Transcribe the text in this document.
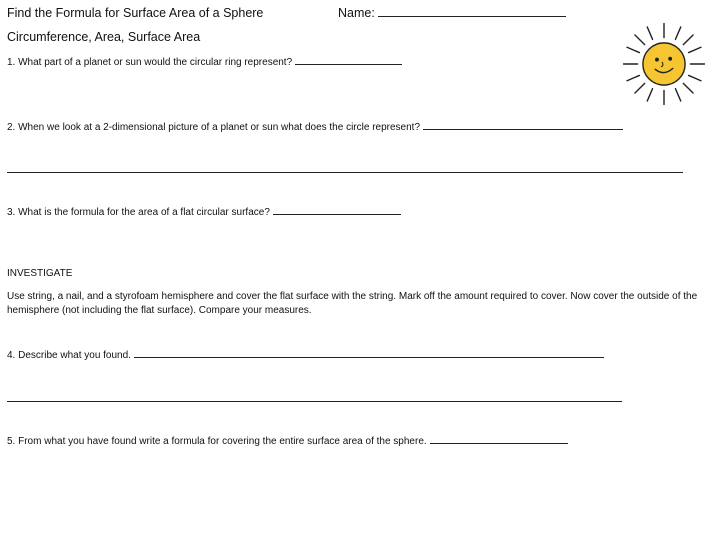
Find the Formula for Surface Area of a Sphere	Name:
Circumference, Area, Surface Area
1. What part of a planet or sun would the circular ring represent?
2. When we look at a 2-dimensional picture of a planet or sun what does the circle represent?
3. What is the formula for the area of a flat circular surface?
INVESTIGATE
Use string, a nail, and a styrofoam hemisphere and cover the flat surface with the string. Mark off the amount required to cover. Now cover the outside of the hemisphere (not including the flat surface). Compare your measures.
4. Describe what you found.
5. From what you have found write a formula for covering the entire surface area of the sphere.
